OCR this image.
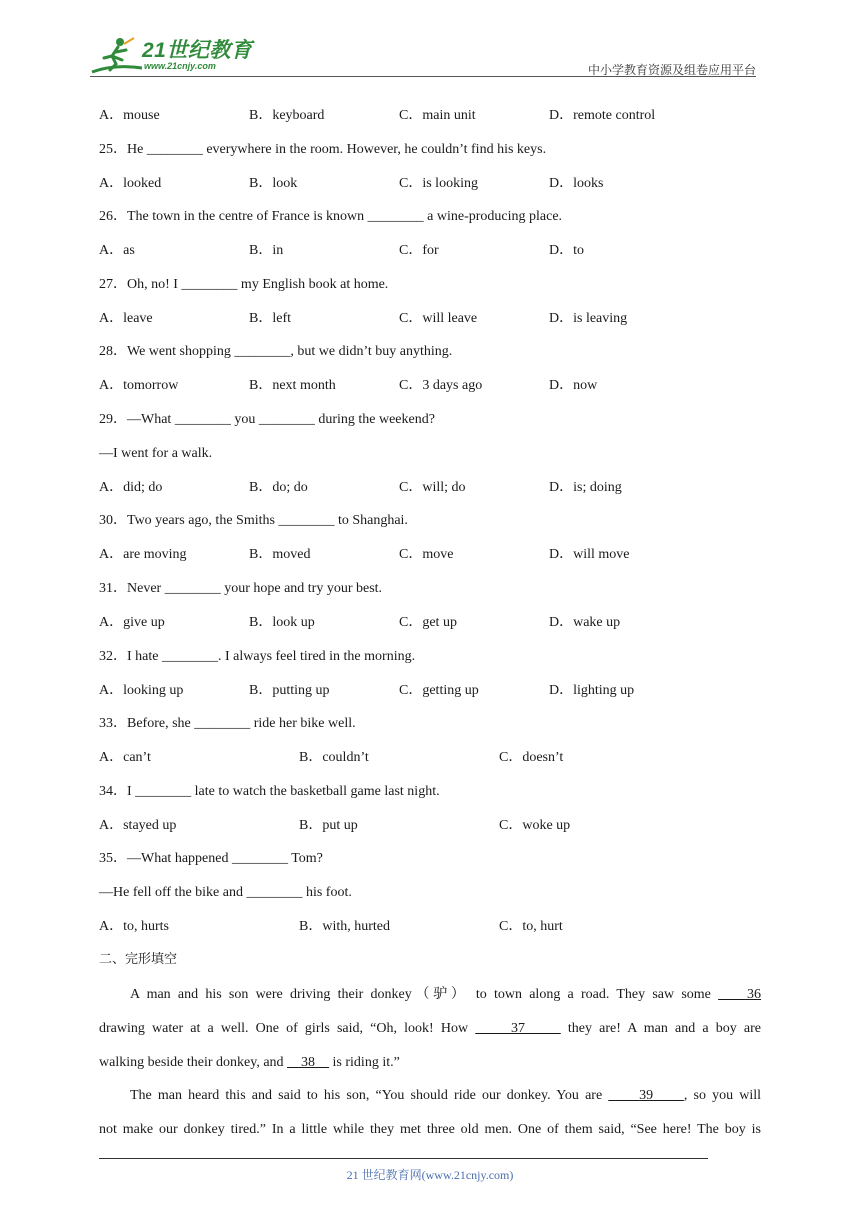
21世纪教育
www.21cnjy.com	中小学教育资源及组卷应用平台
A．mouse	B．keyboard	C．main unit	D．remote control
25．He ________ everywhere in the room. However, he couldn’t find his keys.
A．looked	B．look	C．is looking	D．looks
26．The town in the centre of France is known ________ a wine-producing place.
A．as	B．in	C．for	D．to
27．Oh, no! I ________ my English book at home.
A．leave	B．left	C．will leave	D．is leaving
28．We went shopping ________, but we didn’t buy anything.
A．tomorrow	B．next month	C．3 days ago	D．now
29．—What ________ you ________ during the weekend?
—I went for a walk.
A．did; do	B．do; do	C．will; do	D．is; doing
30．Two years ago, the Smiths ________ to Shanghai.
A．are moving	B．moved	C．move	D．will move
31．Never ________ your hope and try your best.
A．give up	B．look up	C．get up	D．wake up
32．I hate ________. I always feel tired in the morning.
A．looking up	B．putting up	C．getting up	D．lighting up
33．Before, she ________ ride her bike well.
A．can’t	B．couldn’t	C．doesn’t
34．I ________ late to watch the basketball game last night.
A．stayed up	B．put up	C．woke up
35．—What happened ________ Tom?
—He fell off the bike and ________ his foot.
A．to, hurts	B．with, hurted	C．to, hurt
二、完形填空
A man and his son were driving their donkey（驴） to town along a road. They saw some	36
drawing water at a well. One of girls said, “Oh, look! How	37	they are! A man and a boy are
walking beside their donkey, and 38 is riding it.”
The man heard this and said to his son, “You should ride our donkey. You are	39 , so you will
not make our donkey tired.” In a little while they met three old men. One of them said, “See here! The boy is
21 世纪教育网(www.21cnjy.com)
